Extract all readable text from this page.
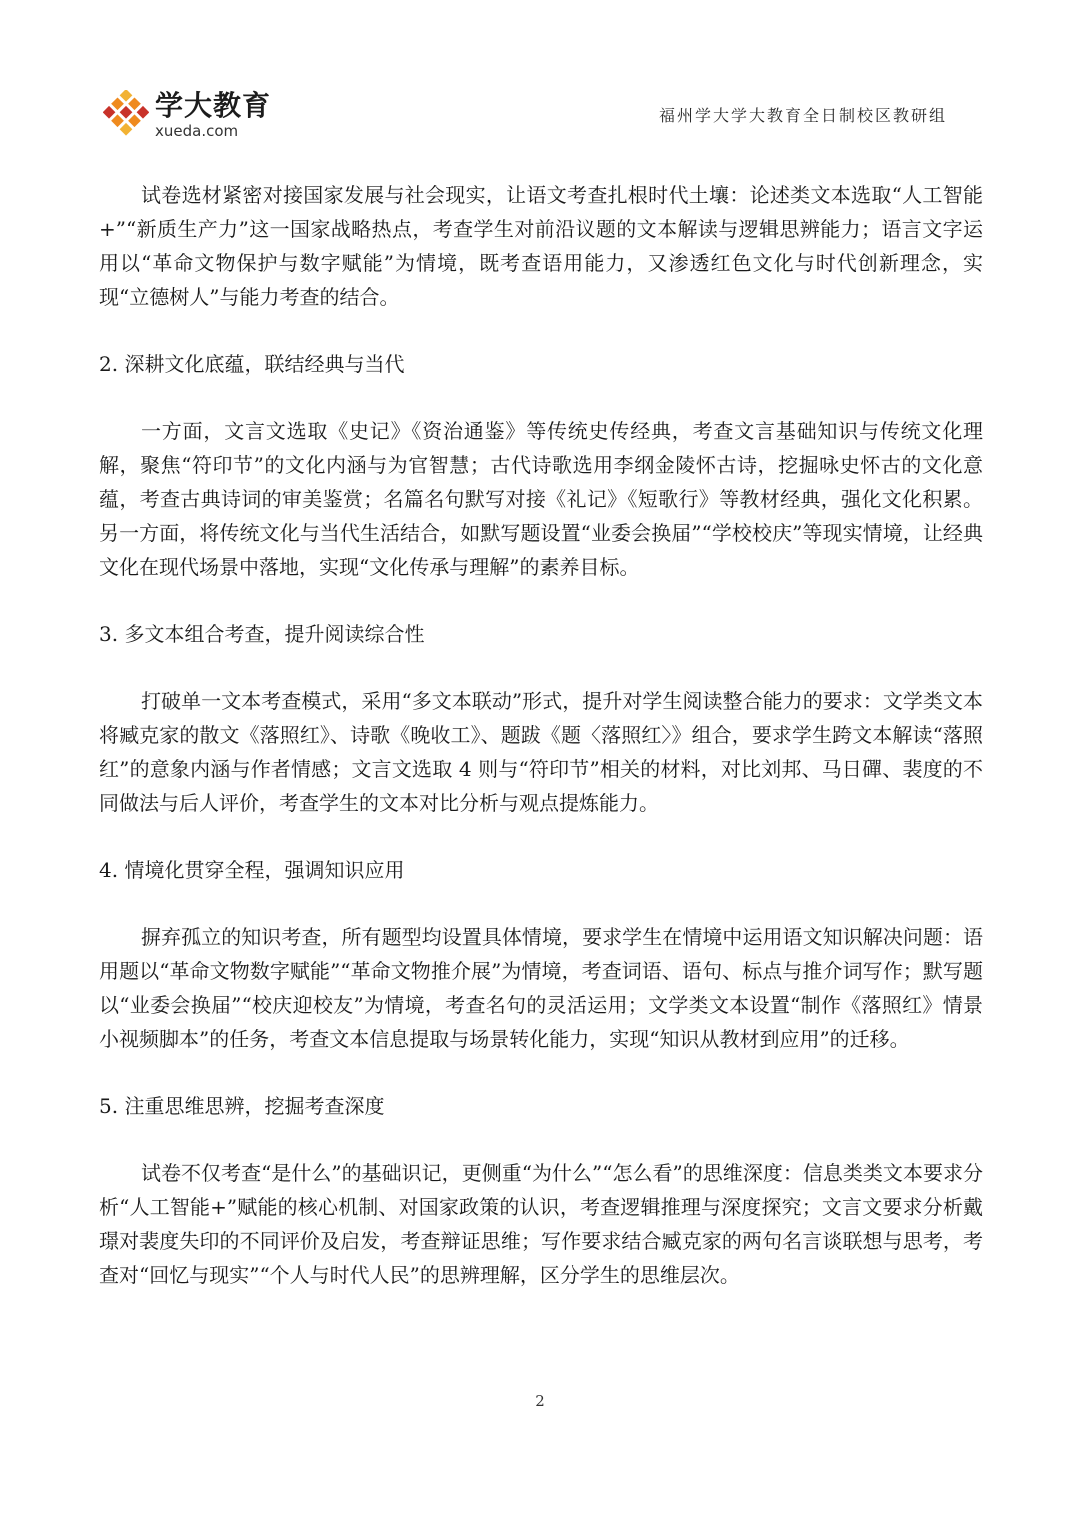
学大教育
xueda.com
福州学大学大教育全日制校区教研组

试卷选材紧密对接国家发展与社会现实，让语文考查扎根时代土壤：论述类文本选取“人工智能+”“新质生产力”这一国家战略热点，考查学生对前沿议题的文本解读与逻辑思辨能力；语言文字运用以“革命文物保护与数字赋能”为情境，既考查语用能力，又渗透红色文化与时代创新理念，实现“立德树人”与能力考查的结合。

2. 深耕文化底蕴，联结经典与当代

一方面，文言文选取《史记》《资治通鉴》等传统史传经典，考查文言基础知识与传统文化理解，聚焦“符印节”的文化内涵与为官智慧；古代诗歌选用李纲金陵怀古诗，挖掘咏史怀古的文化意蕴，考查古典诗词的审美鉴赏；名篇名句默写对接《礼记》《短歌行》等教材经典，强化文化积累。另一方面，将传统文化与当代生活结合，如默写题设置“业委会换届”“学校校庆”等现实情境，让经典文化在现代场景中落地，实现“文化传承与理解”的素养目标。

3. 多文本组合考查，提升阅读综合性

打破单一文本考查模式，采用“多文本联动”形式，提升对学生阅读整合能力的要求：文学类文本将臧克家的散文《落照红》、诗歌《晚收工》、题跋《题〈落照红〉》组合，要求学生跨文本解读“落照红”的意象内涵与作者情感；文言文选取 4 则与“符印节”相关的材料，对比刘邦、马日磾、裴度的不同做法与后人评价，考查学生的文本对比分析与观点提炼能力。

4. 情境化贯穿全程，强调知识应用

摒弃孤立的知识考查，所有题型均设置具体情境，要求学生在情境中运用语文知识解决问题：语用题以“革命文物数字赋能”“革命文物推介展”为情境，考查词语、语句、标点与推介词写作；默写题以“业委会换届”“校庆迎校友”为情境，考查名句的灵活运用；文学类文本设置“制作《落照红》情景小视频脚本”的任务，考查文本信息提取与场景转化能力，实现“知识从教材到应用”的迁移。

5. 注重思维思辨，挖掘考查深度

试卷不仅考查“是什么”的基础识记，更侧重“为什么”“怎么看”的思维深度：信息类类文本要求分析“人工智能+”赋能的核心机制、对国家政策的认识，考查逻辑推理与深度探究；文言文要求分析戴璟对裴度失印的不同评价及启发，考查辩证思维；写作要求结合臧克家的两句名言谈联想与思考，考查对“回忆与现实”“个人与时代人民”的思辨理解，区分学生的思维层次。

2
